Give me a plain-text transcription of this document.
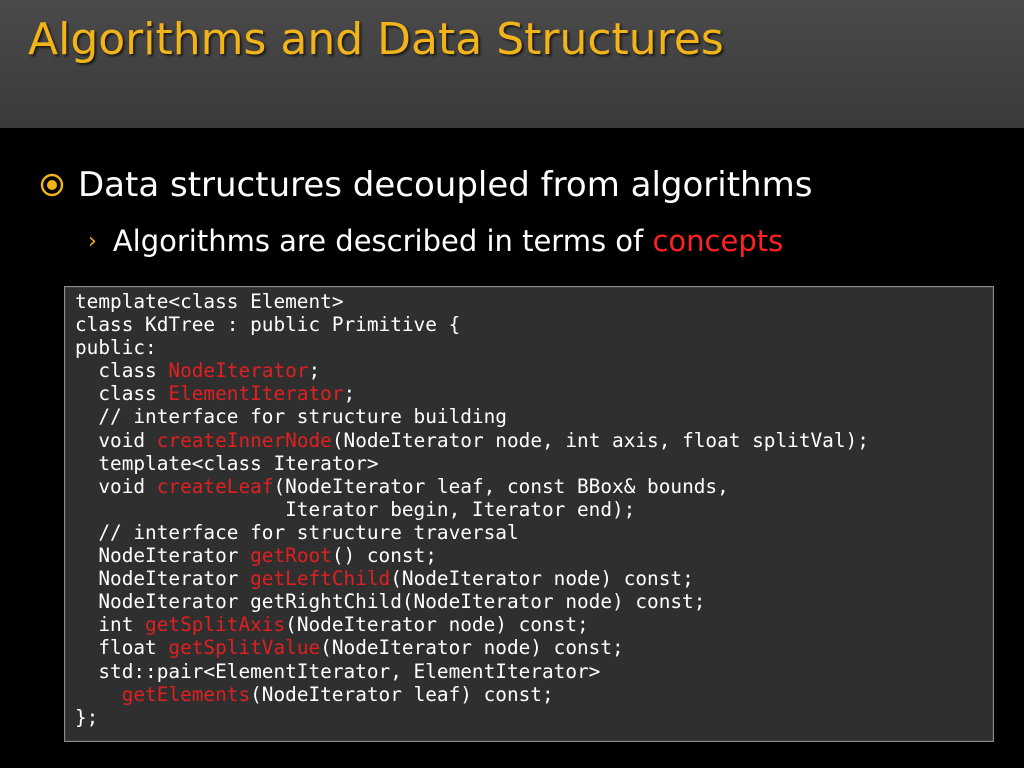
Algorithms and Data Structures
Data structures decoupled from algorithms
› Algorithms are described in terms of concepts
template<class Element>
class KdTree : public Primitive {
public:
class NodeIterator;
class ElementIterator;
// interface for structure building
void createInnerNode(NodeIterator node, int axis, float splitVal);
template<class Iterator>
void createLeaf(NodeIterator leaf, const BBox& bounds,
Iterator begin, Iterator end);
// interface for structure traversal
NodeIterator getRoot() const;
NodeIterator getLeftChild(NodeIterator node) const;
NodeIterator getRightChild(NodeIterator node) const;
int getSplitAxis(NodeIterator node) const;
float getSplitValue(NodeIterator node) const;
std::pair<ElementIterator, ElementIterator>
getElements(NodeIterator leaf) const;
};
